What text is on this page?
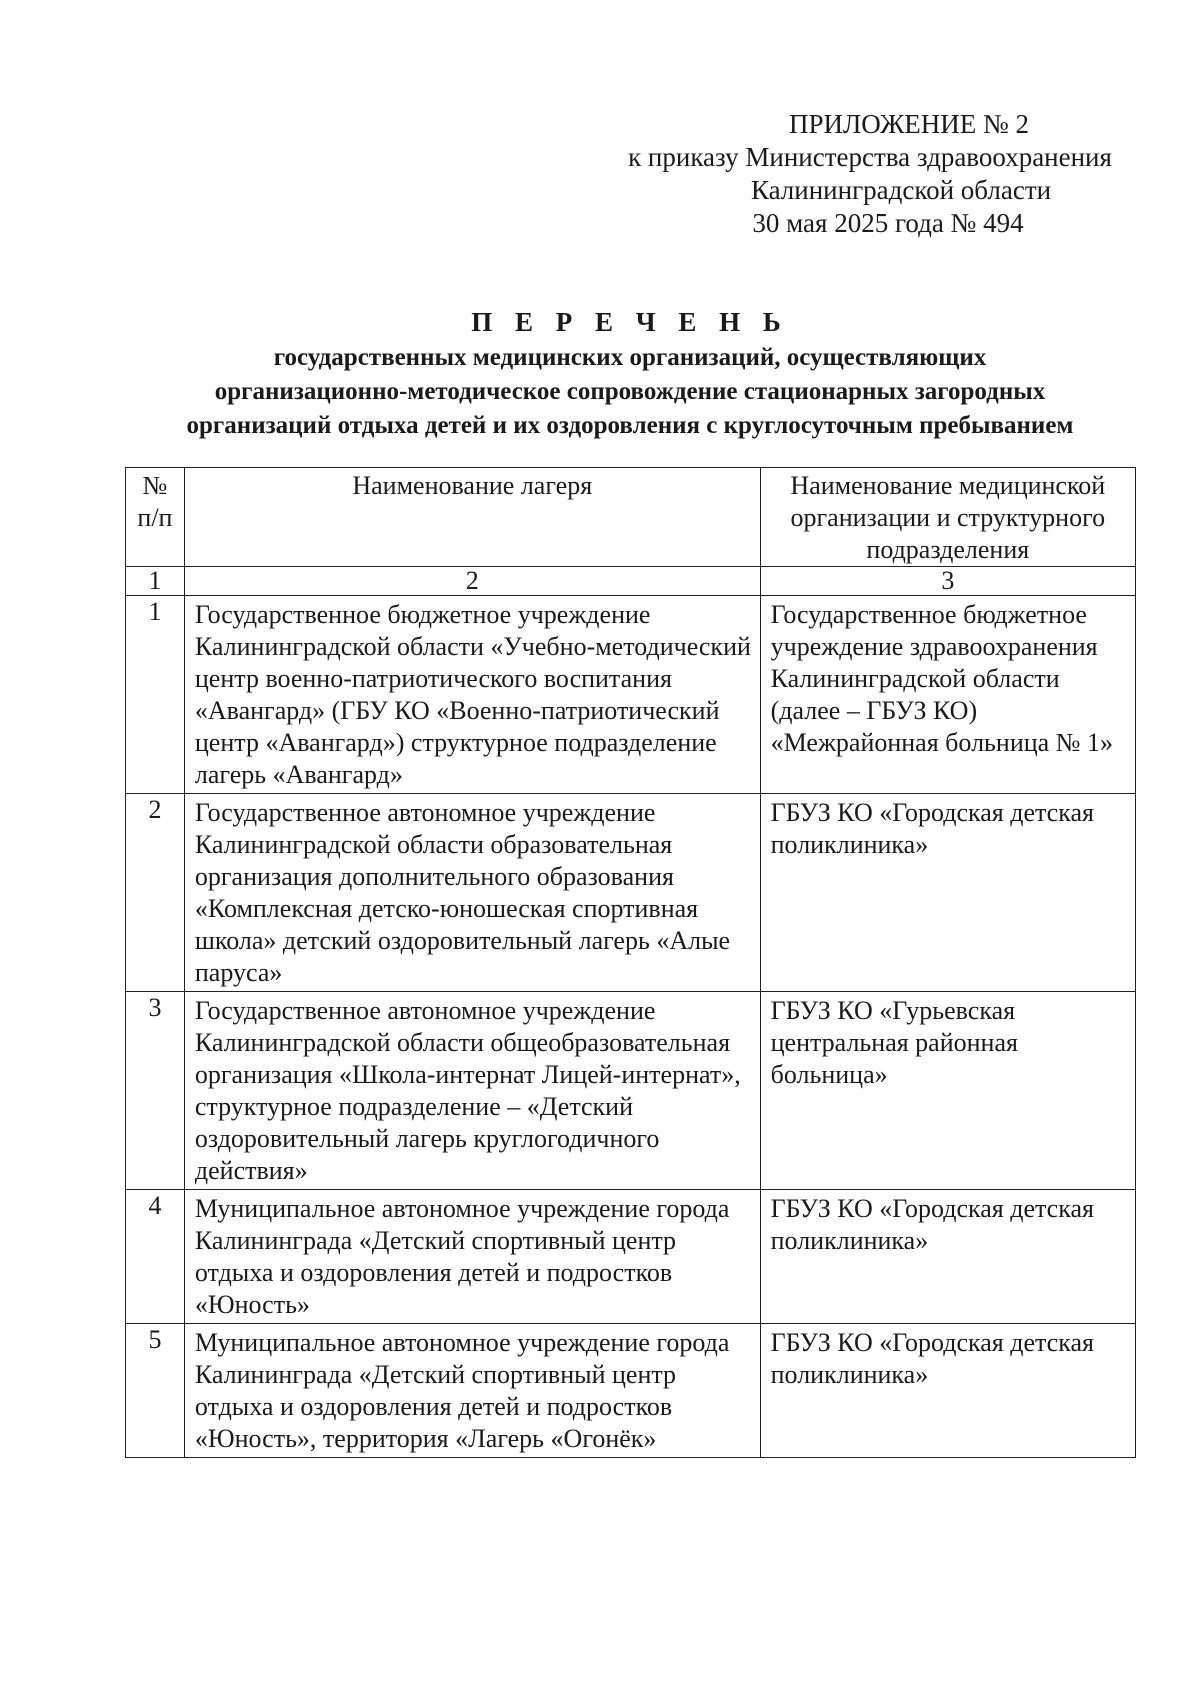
ПРИЛОЖЕНИЕ № 2
к приказу Министерства здравоохранения
Калининградской области
30 мая 2025 года № 494
П Е Р Е Ч Е Н Ь
государственных медицинских организаций, осуществляющих
организационно-методическое сопровождение стационарных загородных
организаций отдыха детей и их оздоровления с круглосуточным пребыванием
№ п/п	Наименование лагеря	Наименование медицинской организации и структурного подразделения

1	2	3
1	Государственное бюджетное учреждение Калининградской области «Учебно-методический центр военно-патриотического воспитания «Авангард» (ГБУ КО «Военно-патриотический центр «Авангард») структурное подразделение лагерь «Авангард»	Государственное бюджетное учреждение здравоохранения Калининградской области (далее – ГБУЗ КО) «Межрайонная больница № 1»

2	Государственное автономное учреждение Калининградской области образовательная организация дополнительного образования «Комплексная детско-юношеская спортивная школа» детский оздоровительный лагерь «Алые паруса»	ГБУЗ КО «Городская детская поликлиника»

3	Государственное автономное учреждение Калининградской области общеобразовательная организация «Школа-интернат Лицей-интернат», структурное подразделение – «Детский оздоровительный лагерь круглогодичного действия»	ГБУЗ КО «Гурьевская центральная районная больница»

4	Муниципальное автономное учреждение города Калининграда «Детский спортивный центр отдыха и оздоровления детей и подростков «Юность»	ГБУЗ КО «Городская детская поликлиника»

5	Муниципальное автономное учреждение города Калининграда «Детский спортивный центр отдыха и оздоровления детей и подростков «Юность», территория «Лагерь «Огонёк»	ГБУЗ КО «Городская детская поликлиника»
